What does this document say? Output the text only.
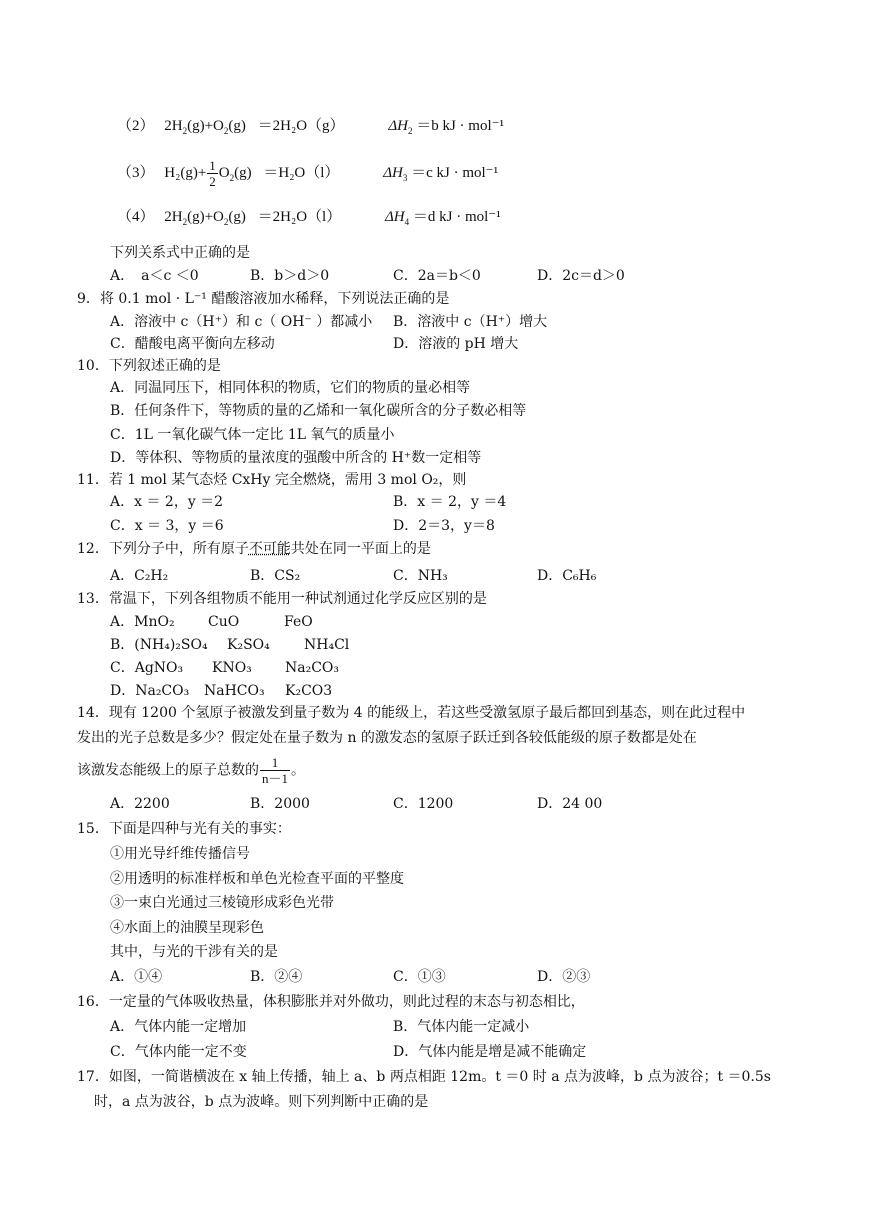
（2） $2H_2(g)+O_2(g) =2H_2O(g)$	$\Delta H_2 =b$ kJ · mol⁻¹
（3） $H_2(g)+ \frac{1}{2} O_2(g) =H_2O(l)$	$\Delta H_3 =c$ kJ · mol⁻¹
（4） $2H_2(g)+O_2(g) =2H_2O(l)$	$\Delta H_4 =d$ kJ · mol⁻¹
下列关系式中正确的是
A．　a＜c ＜0	B．b＞d＞0	C．2a＝b＜0	D．2c＝d＞0
9．将 0.1 mol · L⁻¹ 醋酸溶液加水稀释，下列说法正确的是
A．溶液中 c（H⁺）和 c（ OH⁻ ）都减小 B．溶液中 c（H⁺）增大
C．醋酸电离平衡向左移动	D．溶液的 pH 增大
10．下列叙述正确的是
A．同温同压下，相同体积的物质，它们的物质的量必相等
B．任何条件下，等物质的量的乙烯和一氧化碳所含的分子数必相等
C．1L 一氧化碳气体一定比 1L 氧气的质量小
D．等体积、等物质的量浓度的强酸中所含的 H⁺数一定相等
11．若 1 mol 某气态烃 CxHy 完全燃烧，需用 3 mol O₂，则
A．x ＝ 2，y ＝2	B．x ＝ 2，y ＝4
C．x ＝ 3，y ＝6	D．2＝3，y＝8
12．下列分子中，所有原子不可能共处在同一平面上的是
A．C₂H₂	B．CS₂	C．NH₃	D．C₆H₆
13．常温下，下列各组物质不能用一种试剂通过化学反应区别的是
A．MnO₂ CuO	FeO
B．(NH₄)₂SO₄ K₂SO₄ NH₄Cl
C．AgNO₃ KNO₃ Na₂CO₃
D．Na₂CO₃ NaHCO₃ K₂CO3
14．现有 1200 个氢原子被激发到量子数为 4 的能级上，若这些受激氢原子最后都回到基态，则在此过程中
发出的光子总数是多少？假定处在量子数为 n 的激发态的氢原子跃迁到各较低能级的原子数都是处在
该激发态能级上的原子总数的 $\frac{1}{n-1}$ 。
A．2200	B．2000	C．1200	D．24 00
15．下面是四种与光有关的事实：
①用光导纤维传播信号
②用透明的标准样板和单色光检查平面的平整度
③一束白光通过三棱镜形成彩色光带
④水面上的油膜呈现彩色
其中，与光的干涉有关的是
A．①④	B．②④	C．①③	D．②③
16．一定量的气体吸收热量，体积膨胀并对外做功，则此过程的末态与初态相比，
A．气体内能一定增加	B．气体内能一定减小
C．气体内能一定不变	D．气体内能是增是减不能确定
17．如图，一简谐横波在 x 轴上传播，轴上 a、b 两点相距 12m。t ＝0 时 a 点为波峰，b 点为波谷；t ＝0.5s
时，a 点为波谷，b 点为波峰。则下列判断中正确的是
